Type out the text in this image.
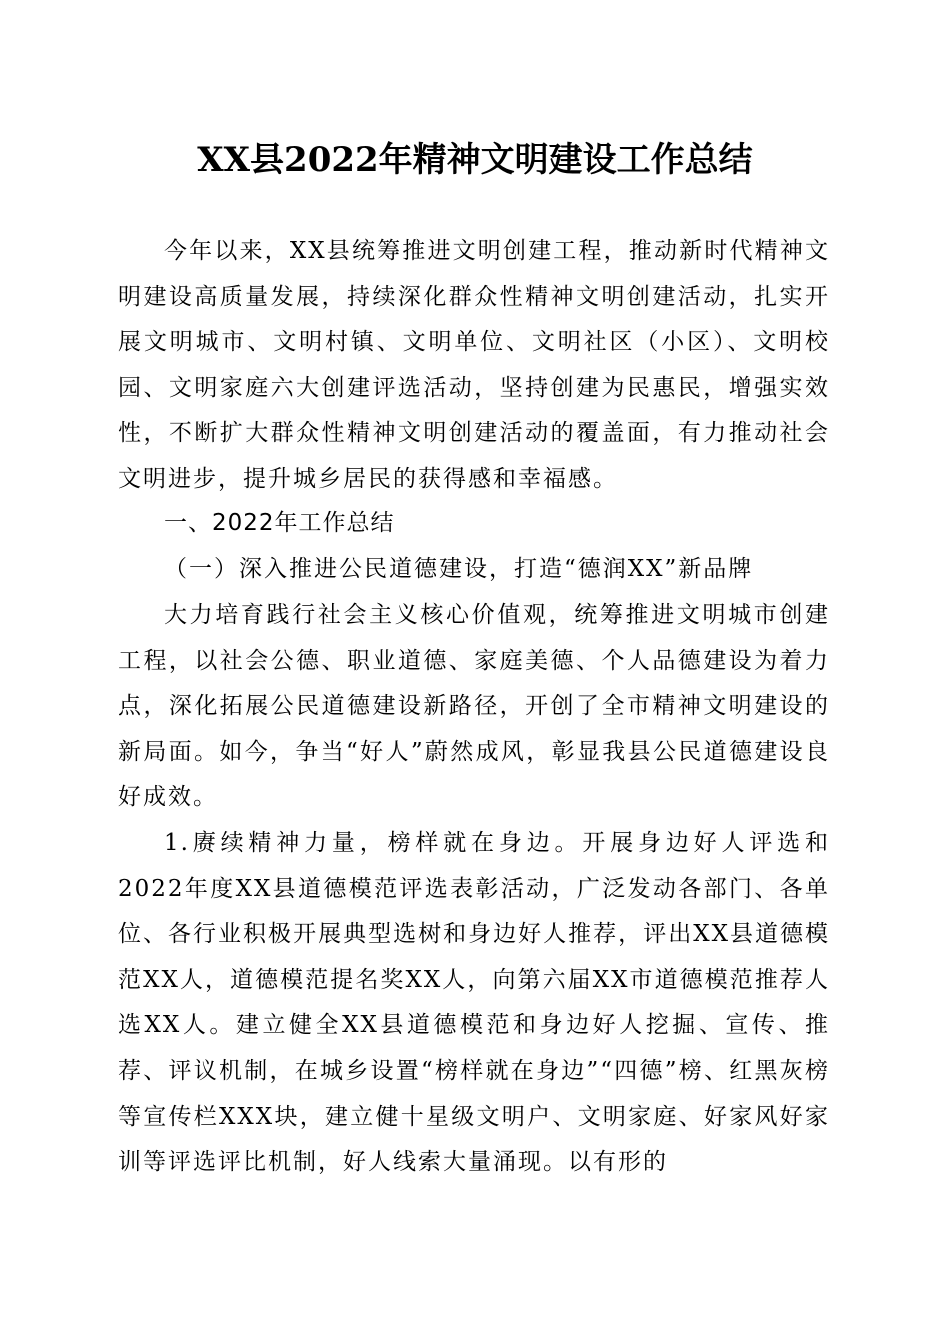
XX县2022年精神文明建设工作总结

今年以来，XX县统筹推进文明创建工程，推动新时代精神文明建设高质量发展，持续深化群众性精神文明创建活动，扎实开展文明城市、文明村镇、文明单位、文明社区（小区）、文明校园、文明家庭六大创建评选活动，坚持创建为民惠民，增强实效性，不断扩大群众性精神文明创建活动的覆盖面，有力推动社会文明进步，提升城乡居民的获得感和幸福感。

一、2022年工作总结

（一）深入推进公民道德建设，打造“德润XX”新品牌

大力培育践行社会主义核心价值观，统筹推进文明城市创建工程，以社会公德、职业道德、家庭美德、个人品德建设为着力点，深化拓展公民道德建设新路径，开创了全市精神文明建设的新局面。如今，争当“好人”蔚然成风，彰显我县公民道德建设良好成效。

1.赓续精神力量，榜样就在身边。开展身边好人评选和2022年度XX县道德模范评选表彰活动，广泛发动各部门、各单位、各行业积极开展典型选树和身边好人推荐，评出XX县道德模范XX人，道德模范提名奖XX人，向第六届XX市道德模范推荐人选XX人。建立健全XX县道德模范和身边好人挖掘、宣传、推荐、评议机制，在城乡设置“榜样就在身边”“四德”榜、红黑灰榜等宣传栏XXX块，建立健十星级文明户、文明家庭、好家风好家训等评选评比机制，好人线索大量涌现。以有形的
